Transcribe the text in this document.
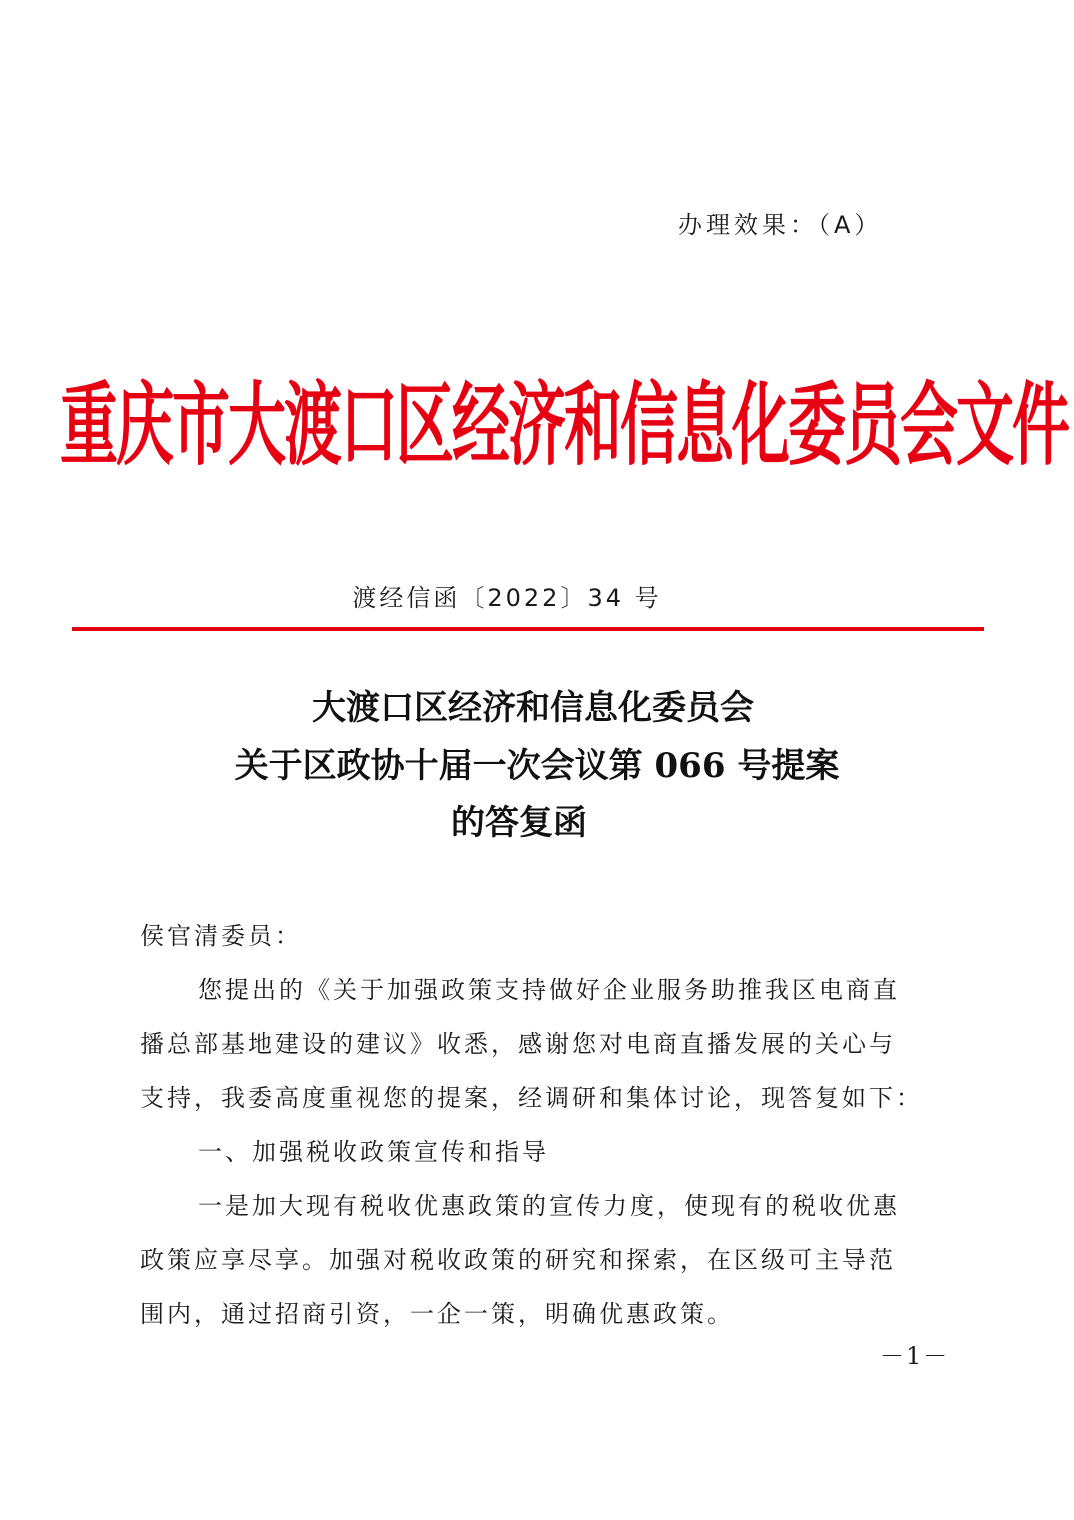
办理效果：（A）
重庆市大渡口区经济和信息化委员会文件
渡经信函〔2022〕34 号
大渡口区经济和信息化委员会
关于区政协十届一次会议第 066 号提案
的答复函
侯官清委员：
您提出的《关于加强政策支持做好企业服务助推我区电商直
播总部基地建设的建议》收悉，感谢您对电商直播发展的关心与
支持，我委高度重视您的提案，经调研和集体讨论，现答复如下：
一、加强税收政策宣传和指导
一是加大现有税收优惠政策的宣传力度，使现有的税收优惠
政策应享尽享。加强对税收政策的研究和探索，在区级可主导范
围内，通过招商引资，一企一策，明确优惠政策。
－1－
